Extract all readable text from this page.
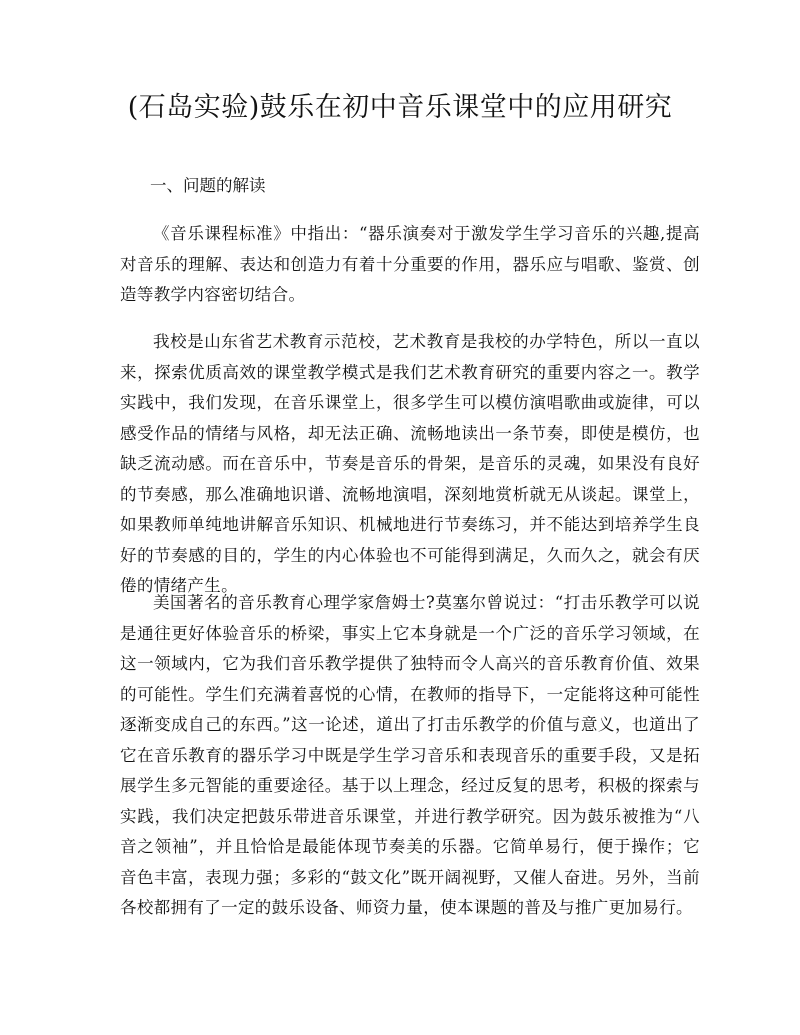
(石岛实验)鼓乐在初中音乐课堂中的应用研究
一、问题的解读

《音乐课程标准》中指出：“器乐演奏对于激发学生学习音乐的兴趣,提高对音乐的理解、表达和创造力有着十分重要的作用，器乐应与唱歌、鉴赏、创造等教学内容密切结合。

我校是山东省艺术教育示范校，艺术教育是我校的办学特色，所以一直以来，探索优质高效的课堂教学模式是我们艺术教育研究的重要内容之一。教学实践中，我们发现，在音乐课堂上，很多学生可以模仿演唱歌曲或旋律，可以感受作品的情绪与风格，却无法正确、流畅地读出一条节奏，即使是模仿，也缺乏流动感。而在音乐中，节奏是音乐的骨架，是音乐的灵魂，如果没有良好的节奏感，那么准确地识谱、流畅地演唱，深刻地赏析就无从谈起。课堂上，如果教师单纯地讲解音乐知识、机械地进行节奏练习，并不能达到培养学生良好的节奏感的目的，学生的内心体验也不可能得到满足，久而久之，就会有厌倦的情绪产生。

美国著名的音乐教育心理学家詹姆士?莫塞尔曾说过：“打击乐教学可以说是通往更好体验音乐的桥梁，事实上它本身就是一个广泛的音乐学习领域，在这一领域内，它为我们音乐教学提供了独特而令人高兴的音乐教育价值、效果的可能性。学生们充满着喜悦的心情，在教师的指导下，一定能将这种可能性逐渐变成自己的东西。”这一论述，道出了打击乐教学的价值与意义，也道出了它在音乐教育的器乐学习中既是学生学习音乐和表现音乐的重要手段，又是拓展学生多元智能的重要途径。基于以上理念，经过反复的思考，积极的探索与实践，我们决定把鼓乐带进音乐课堂，并进行教学研究。因为鼓乐被推为“八音之领袖”，并且恰恰是最能体现节奏美的乐器。它简单易行，便于操作；它音色丰富，表现力强；多彩的“鼓文化”既开阔视野，又催人奋进。另外，当前各校都拥有了一定的鼓乐设备、师资力量，使本课题的普及与推广更加易行。
